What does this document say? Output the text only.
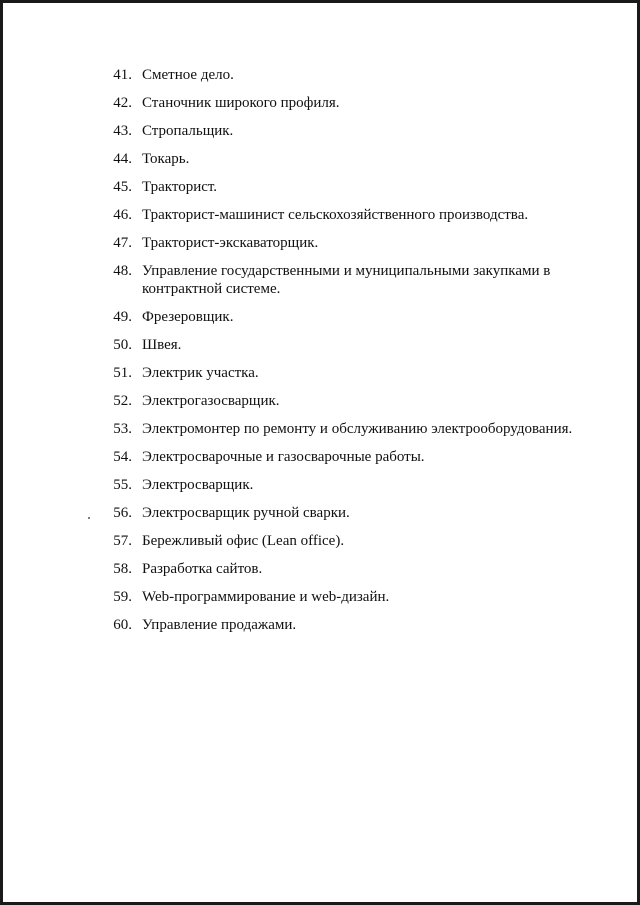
41. Сметное дело.
42. Станочник широкого профиля.
43. Стропальщик.
44. Токарь.
45. Тракторист.
46. Тракторист-машинист сельскохозяйственного производства.
47. Тракторист-экскаваторщик.
48. Управление государственными и муниципальными закупками в
контрактной системе.
49. Фрезеровщик.
50. Швея.
51. Электрик участка.
52. Электрогазосварщик.
53. Электромонтер по ремонту и обслуживанию электрооборудования.
54. Электросварочные и газосварочные работы.
55. Электросварщик.
56. Электросварщик ручной сварки.
57. Бережливый офис (Lean office).
58. Разработка сайтов.
59. Web-программирование и web-дизайн.
60. Управление продажами.
